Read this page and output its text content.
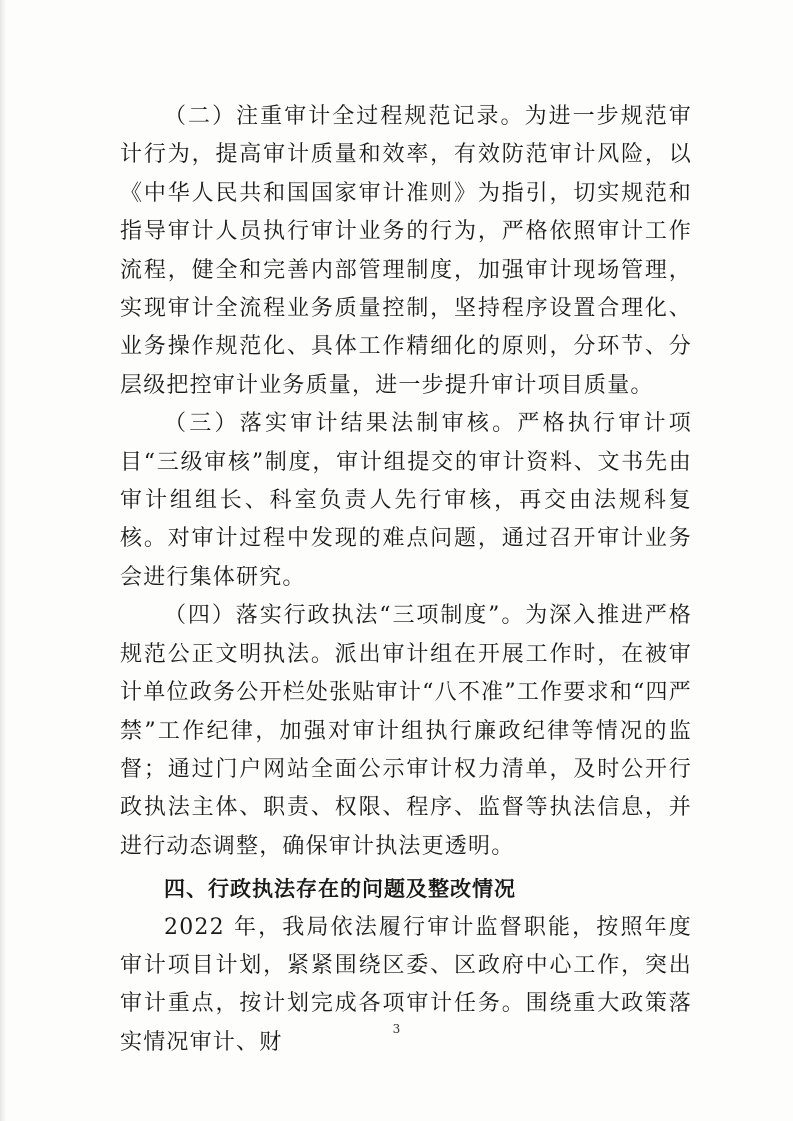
（二）注重审计全过程规范记录。为进一步规范审计行为，提高审计质量和效率，有效防范审计风险，以《中华人民共和国国家审计准则》为指引，切实规范和指导审计人员执行审计业务的行为，严格依照审计工作流程，健全和完善内部管理制度，加强审计现场管理，实现审计全流程业务质量控制，坚持程序设置合理化、业务操作规范化、具体工作精细化的原则，分环节、分层级把控审计业务质量，进一步提升审计项目质量。

（三）落实审计结果法制审核。严格执行审计项目“三级审核”制度，审计组提交的审计资料、文书先由审计组组长、科室负责人先行审核，再交由法规科复核。对审计过程中发现的难点问题，通过召开审计业务会进行集体研究。

（四）落实行政执法“三项制度”。为深入推进严格规范公正文明执法。派出审计组在开展工作时，在被审计单位政务公开栏处张贴审计“八不准”工作要求和“四严禁”工作纪律，加强对审计组执行廉政纪律等情况的监督；通过门户网站全面公示审计权力清单，及时公开行政执法主体、职责、权限、程序、监督等执法信息，并进行动态调整，确保审计执法更透明。

四、行政执法存在的问题及整改情况

2022 年，我局依法履行审计监督职能，按照年度审计项目计划，紧紧围绕区委、区政府中心工作，突出审计重点，按计划完成各项审计任务。围绕重大政策落实情况审计、财

3
